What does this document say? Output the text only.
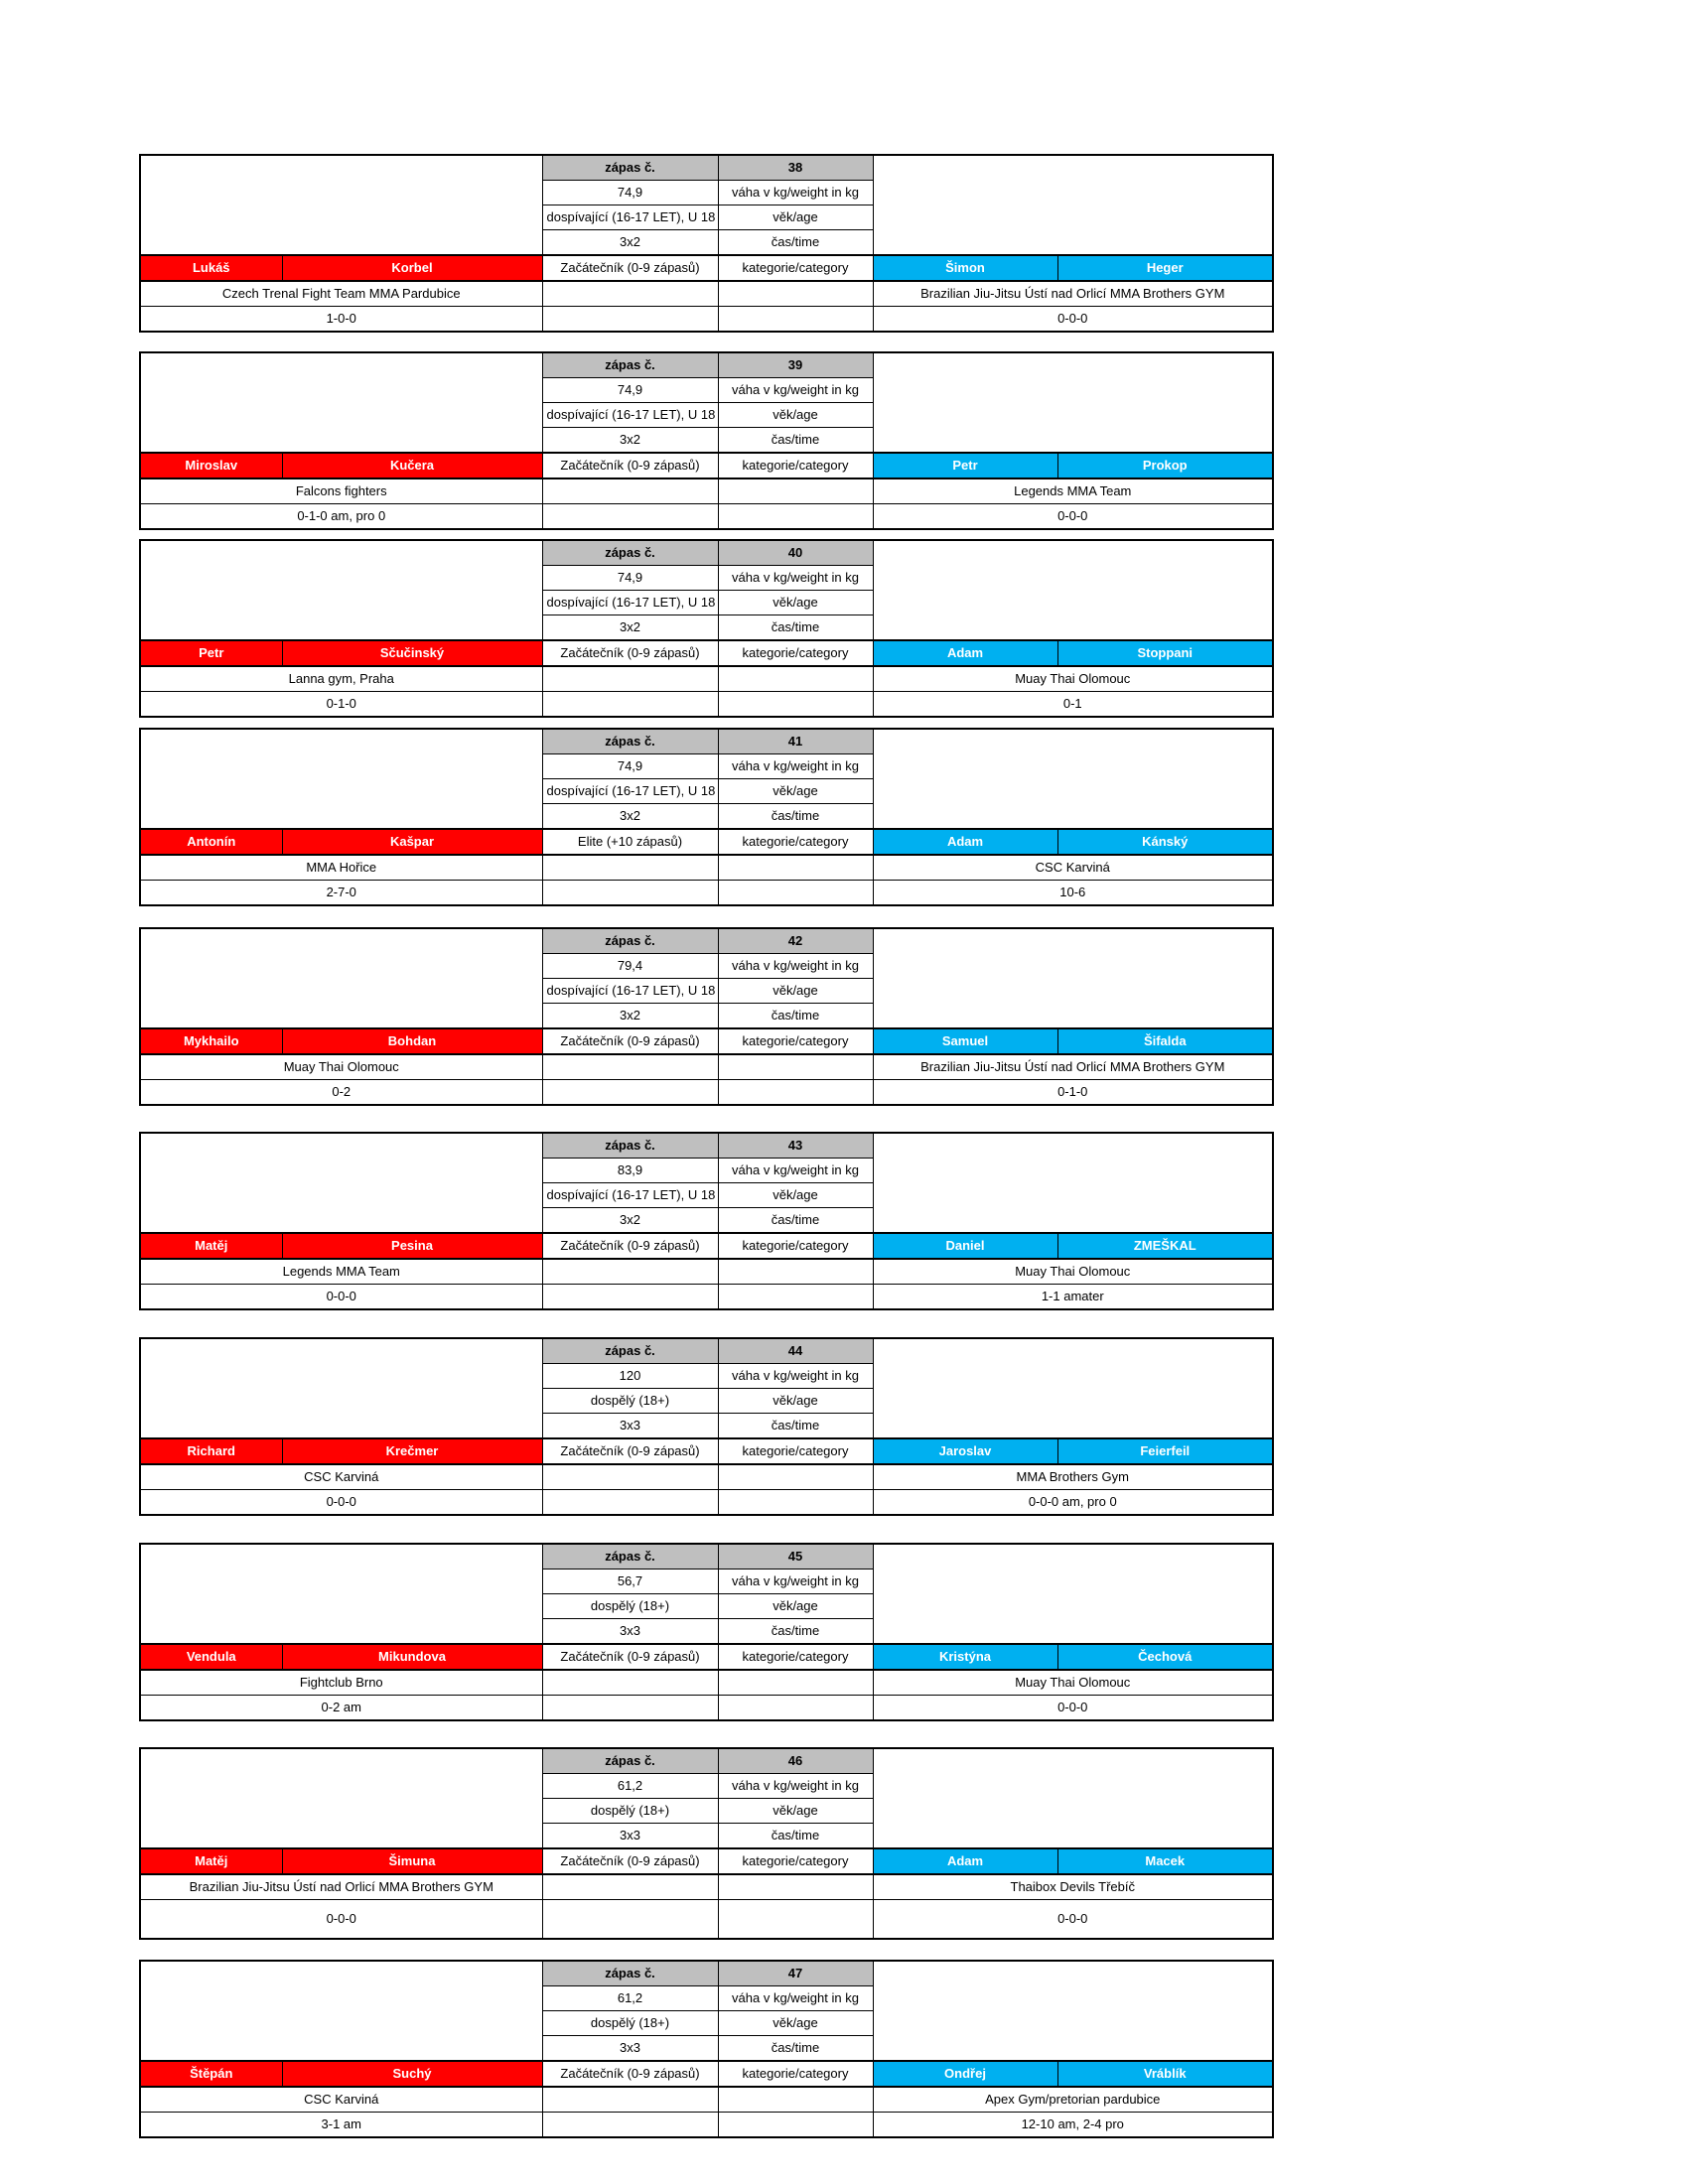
		zápas č.	38		
		74,9	váha v kg/weight in kg		
		dospívající (16-17 LET), U 18	věk/age		
		3x2	čas/time		
Lukáš	Korbel	Začátečník (0-9 zápasů)	kategorie/category	Šimon	Heger
Czech Trenal Fight Team MMA Pardubice				Brazilian Jiu-Jitsu Ústí nad Orlicí MMA Brothers GYM	
1-0-0				0-0-0	
		zápas č.	39		
		74,9	váha v kg/weight in kg		
		dospívající (16-17 LET), U 18	věk/age		
		3x2	čas/time		
Miroslav	Kučera	Začátečník (0-9 zápasů)	kategorie/category	Petr	Prokop
Falcons fighters				Legends MMA Team	
0-1-0 am, pro 0				0-0-0	
		zápas č.	40		
		74,9	váha v kg/weight in kg		
		dospívající (16-17 LET), U 18	věk/age		
		3x2	čas/time		
Petr	Sčučinský	Začátečník (0-9 zápasů)	kategorie/category	Adam	Stoppani
Lanna gym, Praha				Muay Thai Olomouc	
0-1-0				0-1	
		zápas č.	41		
		74,9	váha v kg/weight in kg		
		dospívající (16-17 LET), U 18	věk/age		
		3x2	čas/time		
Antonín	Kašpar	Elite (+10 zápasů)	kategorie/category	Adam	Kánský
MMA Hořice				CSC Karviná	
2-7-0				10-6	
		zápas č.	42		
		79,4	váha v kg/weight in kg		
		dospívající (16-17 LET), U 18	věk/age		
		3x2	čas/time		
Mykhailo	Bohdan	Začátečník (0-9 zápasů)	kategorie/category	Samuel	Šifalda
Muay Thai Olomouc				Brazilian Jiu-Jitsu Ústí nad Orlicí MMA Brothers GYM	
0-2				0-1-0	
		zápas č.	43		
		83,9	váha v kg/weight in kg		
		dospívající (16-17 LET), U 18	věk/age		
		3x2	čas/time		
Matěj	Pesina	Začátečník (0-9 zápasů)	kategorie/category	Daniel	ZMEŠKAL
Legends MMA Team				Muay Thai Olomouc	
0-0-0				1-1 amater	
		zápas č.	44		
		120	váha v kg/weight in kg		
		dospělý (18+)	věk/age		
		3x3	čas/time		
Richard	Krečmer	Začátečník (0-9 zápasů)	kategorie/category	Jaroslav	Feierfeil
CSC Karviná				MMA Brothers Gym	
0-0-0				0-0-0 am, pro 0	
		zápas č.	45		
		56,7	váha v kg/weight in kg		
		dospělý (18+)	věk/age		
		3x3	čas/time		
Vendula	Mikundova	Začátečník (0-9 zápasů)	kategorie/category	Kristýna	Čechová
Fightclub Brno				Muay Thai Olomouc	
0-2 am				0-0-0	
		zápas č.	46		
		61,2	váha v kg/weight in kg		
		dospělý (18+)	věk/age		
		3x3	čas/time		
Matěj	Šimuna	Začátečník (0-9 zápasů)	kategorie/category	Adam	Macek
Brazilian Jiu-Jitsu Ústí nad Orlicí MMA Brothers GYM				Thaibox Devils Třebíč	
0-0-0				0-0-0	
		zápas č.	47		
		61,2	váha v kg/weight in kg		
		dospělý (18+)	věk/age		
		3x3	čas/time		
Štěpán	Suchý	Začátečník (0-9 zápasů)	kategorie/category	Ondřej	Vráblík
CSC Karviná				Apex Gym/pretorian pardubice	
3-1 am				12-10 am, 2-4 pro	
